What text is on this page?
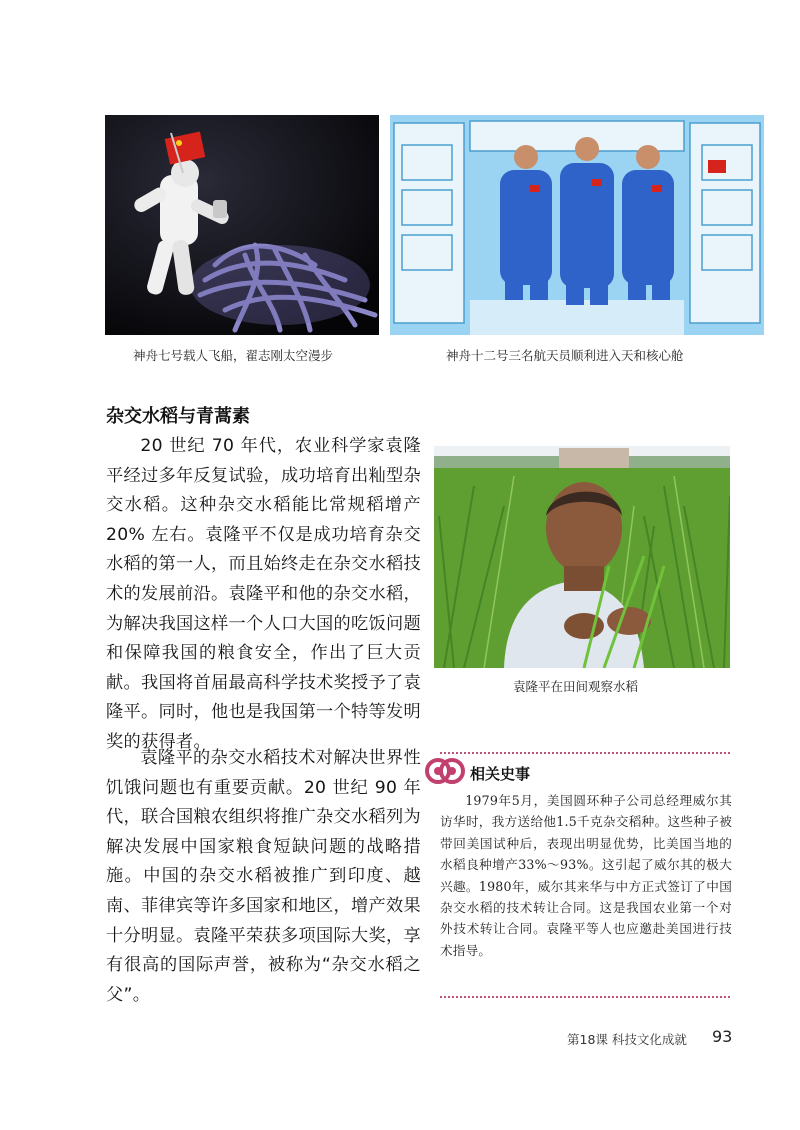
神舟七号载人飞船，翟志刚太空漫步	神舟十二号三名航天员顺利进入天和核心舱
杂交水稻与青蒿素

20 世纪 70 年代，农业科学家袁隆平经过多年反复试验，成功培育出籼型杂交水稻。这种杂交水稻能比常规稻增产 20% 左右。袁隆平不仅是成功培育杂交水稻的第一人，而且始终走在杂交水稻技术的发展前沿。袁隆平和他的杂交水稻，为解决我国这样一个人口大国的吃饭问题和保障我国的粮食安全，作出了巨大贡献。我国将首届最高科学技术奖授予了袁隆平。同时，他也是我国第一个特等发明奖的获得者。

袁隆平的杂交水稻技术对解决世界性饥饿问题也有重要贡献。20 世纪 90 年代，联合国粮农组织将推广杂交水稻列为解决发展中国家粮食短缺问题的战略措施。中国的杂交水稻被推广到印度、越南、菲律宾等许多国家和地区，增产效果十分明显。袁隆平荣获多项国际大奖，享有很高的国际声誉，被称为“杂交水稻之父”。

袁隆平在田间观察水稻
相关史事

1979年5月，美国圆环种子公司总经理威尔其访华时，我方送给他1.5千克杂交稻种。这些种子被带回美国试种后，表现出明显优势，比美国当地的水稻良种增产33%～93%。这引起了威尔其的极大兴趣。1980年，威尔其来华与中方正式签订了中国杂交水稻的技术转让合同。这是我国农业第一个对外技术转让合同。袁隆平等人也应邀赴美国进行技术指导。

第18课 科技文化成就 93
